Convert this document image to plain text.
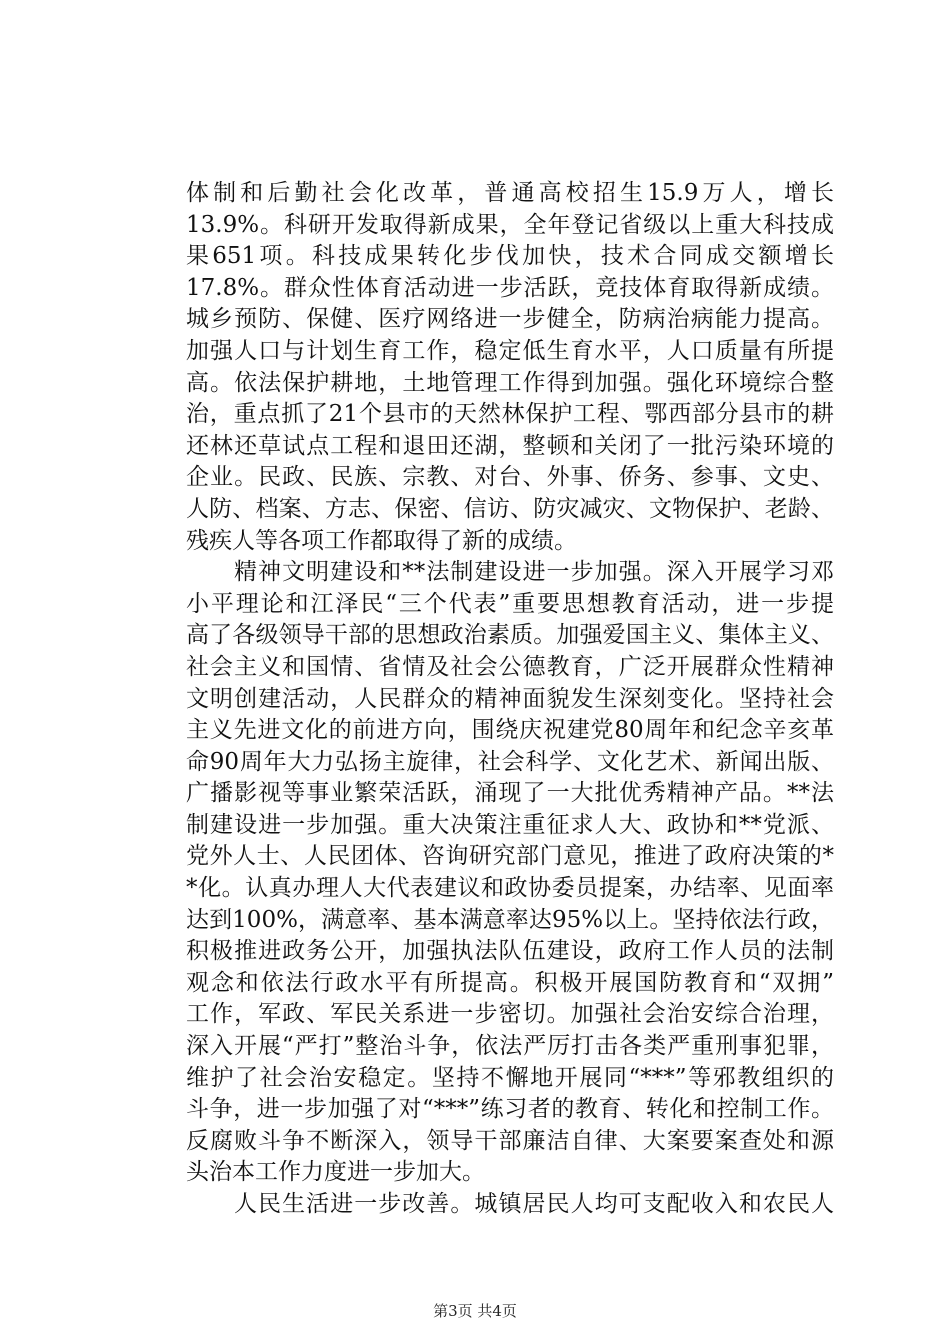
体制和后勤社会化改革，普通高校招生15.9万人，增长
13.9%。科研开发取得新成果，全年登记省级以上重大科技成
果651项。科技成果转化步伐加快，技术合同成交额增长
17.8%。群众性体育活动进一步活跃，竞技体育取得新成绩。
城乡预防、保健、医疗网络进一步健全，防病治病能力提高。
加强人口与计划生育工作，稳定低生育水平，人口质量有所提
高。依法保护耕地，土地管理工作得到加强。强化环境综合整
治，重点抓了21个县市的天然林保护工程、鄂西部分县市的耕
还林还草试点工程和退田还湖，整顿和关闭了一批污染环境的
企业。民政、民族、宗教、对台、外事、侨务、参事、文史、
人防、档案、方志、保密、信访、防灾减灾、文物保护、老龄、
残疾人等各项工作都取得了新的成绩。
精神文明建设和**法制建设进一步加强。深入开展学习邓
小平理论和江泽民“三个代表”重要思想教育活动，进一步提
高了各级领导干部的思想政治素质。加强爱国主义、集体主义、
社会主义和国情、省情及社会公德教育，广泛开展群众性精神
文明创建活动，人民群众的精神面貌发生深刻变化。坚持社会
主义先进文化的前进方向，围绕庆祝建党80周年和纪念辛亥革
命90周年大力弘扬主旋律，社会科学、文化艺术、新闻出版、
广播影视等事业繁荣活跃，涌现了一大批优秀精神产品。**法
制建设进一步加强。重大决策注重征求人大、政协和**党派、
党外人士、人民团体、咨询研究部门意见，推进了政府决策的*
*化。认真办理人大代表建议和政协委员提案，办结率、见面率
达到100%，满意率、基本满意率达95%以上。坚持依法行政，
积极推进政务公开，加强执法队伍建设，政府工作人员的法制
观念和依法行政水平有所提高。积极开展国防教育和“双拥”
工作，军政、军民关系进一步密切。加强社会治安综合治理，
深入开展“严打”整治斗争，依法严厉打击各类严重刑事犯罪，
维护了社会治安稳定。坚持不懈地开展同“***”等邪教组织的
斗争，进一步加强了对“***”练习者的教育、转化和控制工作。
反腐败斗争不断深入，领导干部廉洁自律、大案要案查处和源
头治本工作力度进一步加大。
人民生活进一步改善。城镇居民人均可支配收入和农民人
第3页 共4页
